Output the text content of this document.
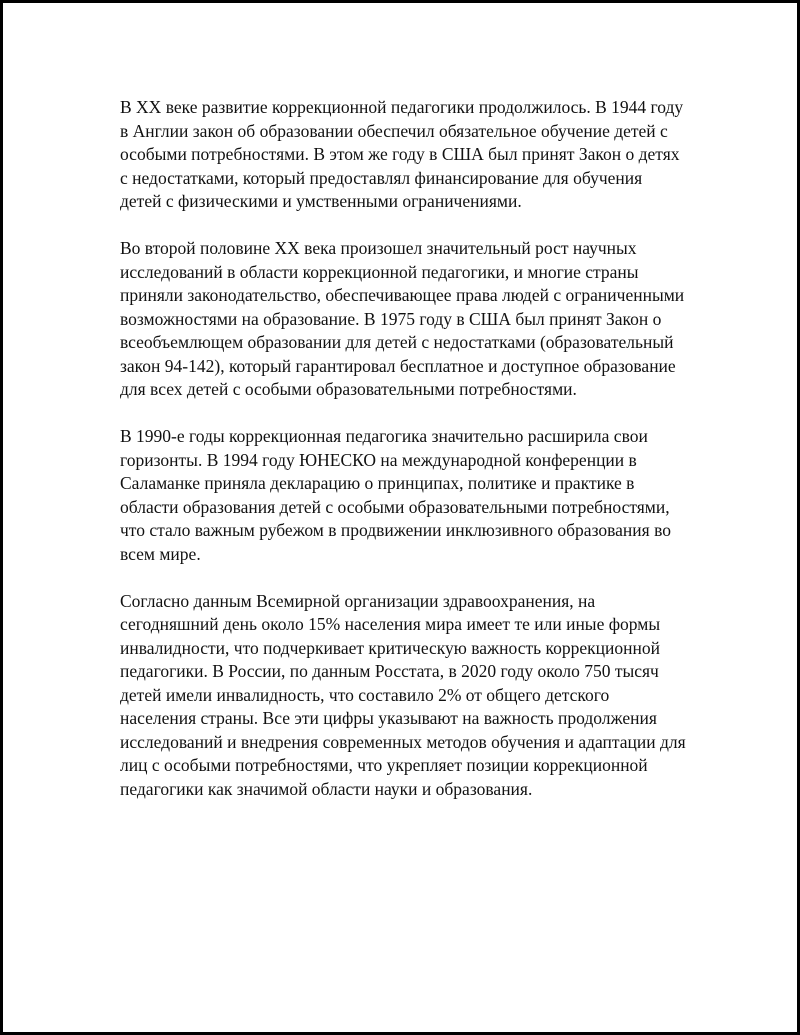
В XX веке развитие коррекционной педагогики продолжилось. В 1944 году в Англии закон об образовании обеспечил обязательное обучение детей с особыми потребностями. В этом же году в США был принят Закон о детях с недостатками, который предоставлял финансирование для обучения детей с физическими и умственными ограничениями.

Во второй половине XX века произошел значительный рост научных исследований в области коррекционной педагогики, и многие страны приняли законодательство, обеспечивающее права людей с ограниченными возможностями на образование. В 1975 году в США был принят Закон о всеобъемлющем образовании для детей с недостатками (образовательный закон 94-142), который гарантировал бесплатное и доступное образование для всех детей с особыми образовательными потребностями.

В 1990-е годы коррекционная педагогика значительно расширила свои горизонты. В 1994 году ЮНЕСКО на международной конференции в Саламанке приняла декларацию о принципах, политике и практике в области образования детей с особыми образовательными потребностями, что стало важным рубежом в продвижении инклюзивного образования во всем мире.

Согласно данным Всемирной организации здравоохранения, на сегодняшний день около 15% населения мира имеет те или иные формы инвалидности, что подчеркивает критическую важность коррекционной педагогики. В России, по данным Росстата, в 2020 году около 750 тысяч детей имели инвалидность, что составило 2% от общего детского населения страны. Все эти цифры указывают на важность продолжения исследований и внедрения современных методов обучения и адаптации для лиц с особыми потребностями, что укрепляет позиции коррекционной педагогики как значимой области науки и образования.
